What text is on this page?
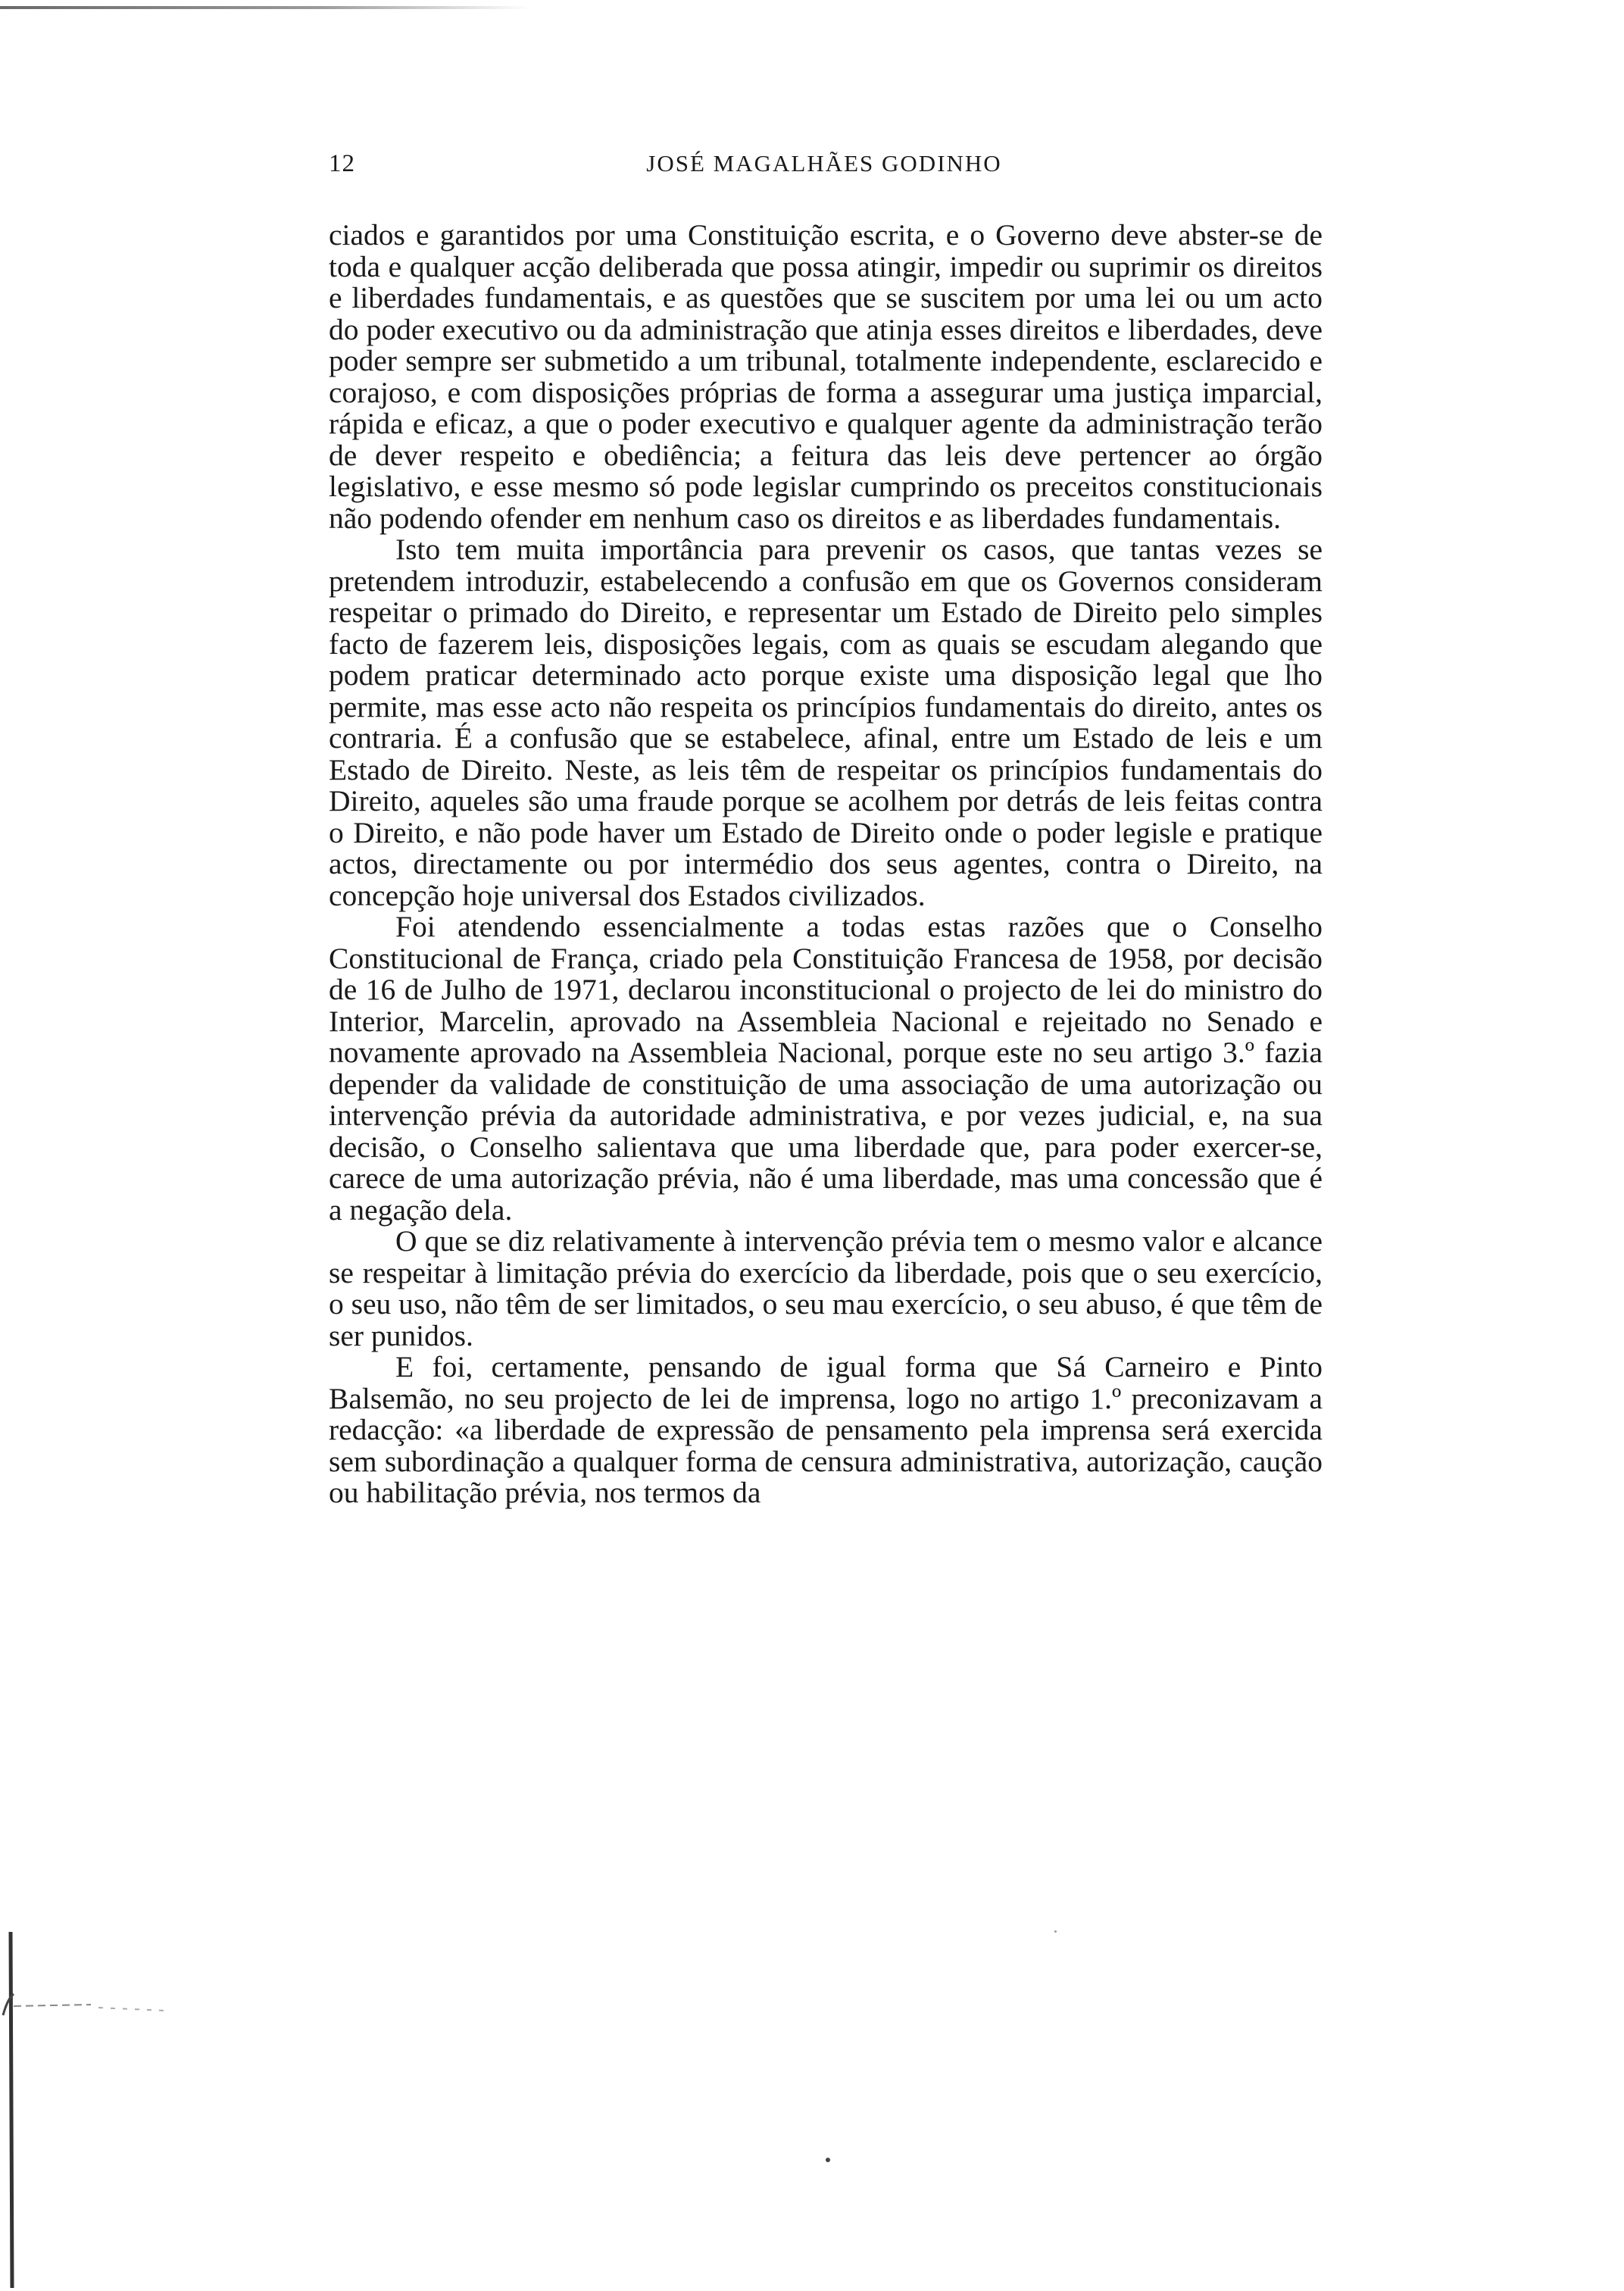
12	JOSÉ MAGALHÃES GODINHO

ciados e garantidos por uma Constituição escrita, e o Governo deve abster-se de toda e qualquer acção deliberada que possa atingir, impedir ou suprimir os direitos e liberdades fundamentais, e as questões que se suscitem por uma lei ou um acto do poder executivo ou da administração que atinja esses direitos e liberdades, deve poder sempre ser submetido a um tribunal, totalmente independente, esclarecido e corajoso, e com disposições próprias de forma a assegurar uma justiça imparcial, rápida e eficaz, a que o poder executivo e qualquer agente da administração terão de dever respeito e obediência; a feitura das leis deve pertencer ao órgão legislativo, e esse mesmo só pode legislar cumprindo os preceitos constitucionais não podendo ofender em nenhum caso os direitos e as liberdades fundamentais.

Isto tem muita importância para prevenir os casos, que tantas vezes se pretendem introduzir, estabelecendo a confusão em que os Governos consideram respeitar o primado do Direito, e representar um Estado de Direito pelo simples facto de fazerem leis, disposições legais, com as quais se escudam alegando que podem praticar determinado acto porque existe uma disposição legal que lho permite, mas esse acto não respeita os princípios fundamentais do direito, antes os contraria. É a confusão que se estabelece, afinal, entre um Estado de leis e um Estado de Direito. Neste, as leis têm de respeitar os princípios fundamentais do Direito, aqueles são uma fraude porque se acolhem por detrás de leis feitas contra o Direito, e não pode haver um Estado de Direito onde o poder legisle e pratique actos, directamente ou por intermédio dos seus agentes, contra o Direito, na concepção hoje universal dos Estados civilizados.

Foi atendendo essencialmente a todas estas razões que o Conselho Constitucional de França, criado pela Constituição Francesa de 1958, por decisão de 16 de Julho de 1971, declarou inconstitucional o projecto de lei do ministro do Interior, Marcelin, aprovado na Assembleia Nacional e rejeitado no Senado e novamente aprovado na Assembleia Nacional, porque este no seu artigo 3.º fazia depender da validade de constituição de uma associação de uma autorização ou intervenção prévia da autoridade administrativa, e por vezes judicial, e, na sua decisão, o Conselho salientava que uma liberdade que, para poder exercer-se, carece de uma autorização prévia, não é uma liberdade, mas uma concessão que é a negação dela.

O que se diz relativamente à intervenção prévia tem o mesmo valor e alcance se respeitar à limitação prévia do exercício da liberdade, pois que o seu exercício, o seu uso, não têm de ser limitados, o seu mau exercício, o seu abuso, é que têm de ser punidos.

E foi, certamente, pensando de igual forma que Sá Carneiro e Pinto Balsemão, no seu projecto de lei de imprensa, logo no artigo 1.º preconizavam a redacção: «a liberdade de expressão de pensamento pela imprensa será exercida sem subordinação a qualquer forma de censura administrativa, autorização, caução ou habilitação prévia, nos termos da
